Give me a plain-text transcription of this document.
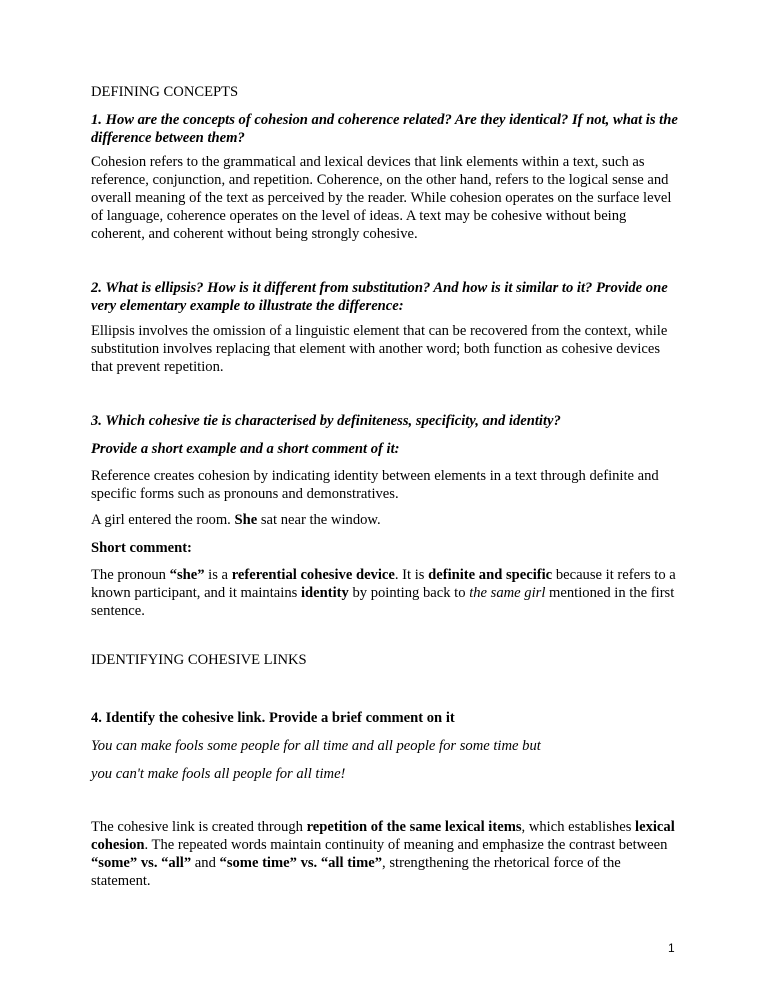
DEFINING CONCEPTS

1. How are the concepts of cohesion and coherence related? Are they identical? If not, what is the difference between them?

Cohesion refers to the grammatical and lexical devices that link elements within a text, such as reference, conjunction, and repetition. Coherence, on the other hand, refers to the logical sense and overall meaning of the text as perceived by the reader. While cohesion operates on the surface level of language, coherence operates on the level of ideas. A text may be cohesive without being coherent, and coherent without being strongly cohesive.

2. What is ellipsis? How is it different from substitution? And how is it similar to it? Provide one very elementary example to illustrate the difference:

Ellipsis involves the omission of a linguistic element that can be recovered from the context, while substitution involves replacing that element with another word; both function as cohesive devices that prevent repetition.

3. Which cohesive tie is characterised by definiteness, specificity, and identity?

Provide a short example and a short comment of it:

Reference creates cohesion by indicating identity between elements in a text through definite and specific forms such as pronouns and demonstratives.

A girl entered the room. She sat near the window.

Short comment:

The pronoun “she” is a referential cohesive device. It is definite and specific because it refers to a known participant, and it maintains identity by pointing back to the same girl mentioned in the first sentence.

IDENTIFYING COHESIVE LINKS

4. Identify the cohesive link. Provide a brief comment on it

You can make fools some people for all time and all people for some time but

you can't make fools all people for all time!

The cohesive link is created through repetition of the same lexical items, which establishes lexical cohesion. The repeated words maintain continuity of meaning and emphasize the contrast between “some” vs. “all” and “some time” vs. “all time”, strengthening the rhetorical force of the statement.

1
